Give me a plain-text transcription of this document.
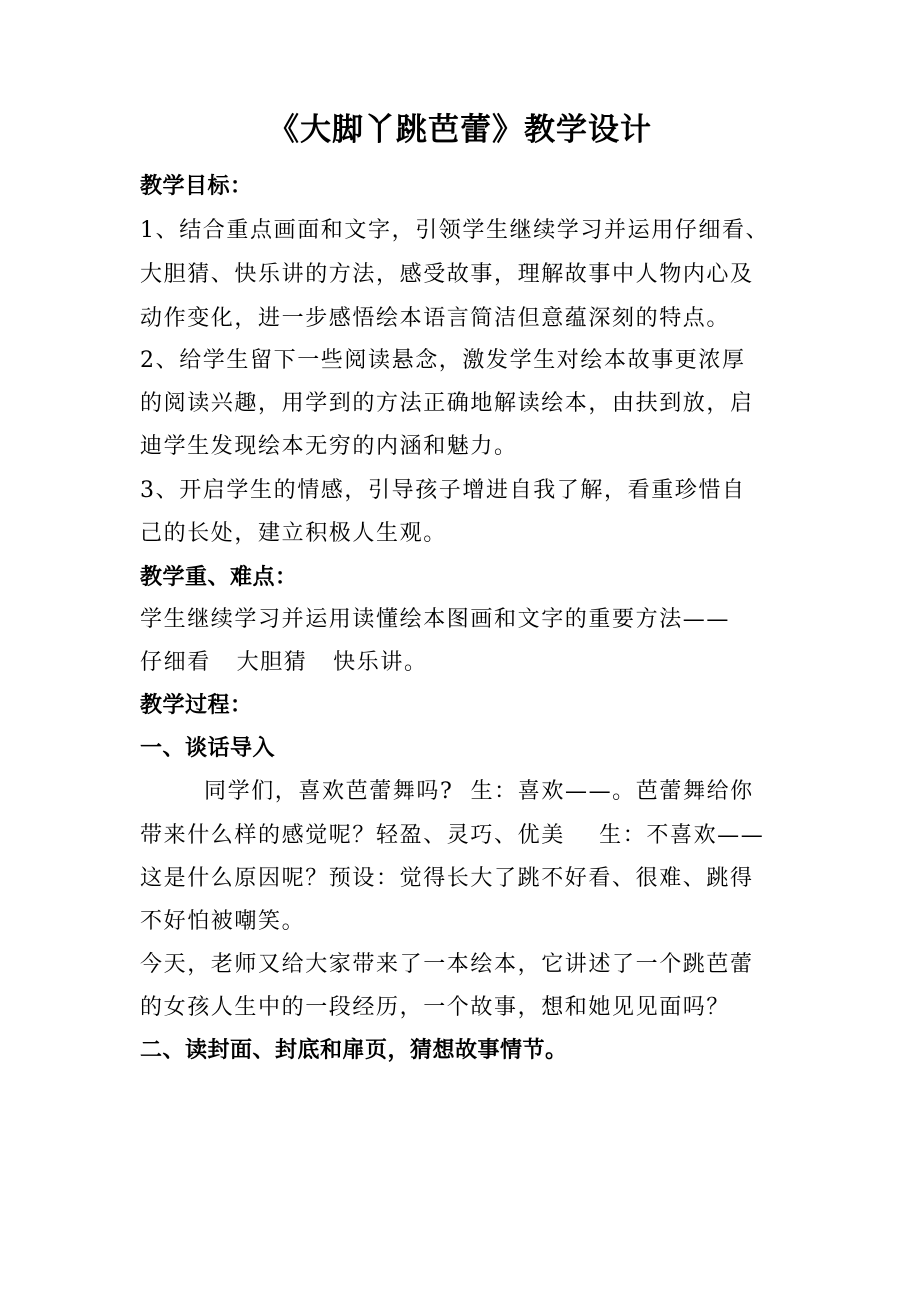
《大脚丫跳芭蕾》教学设计
教学目标：
1、结合重点画面和文字，引领学生继续学习并运用仔细看、
大胆猜、快乐讲的方法，感受故事，理解故事中人物内心及
动作变化，进一步感悟绘本语言简洁但意蕴深刻的特点。
2、给学生留下一些阅读悬念，激发学生对绘本故事更浓厚
的阅读兴趣，用学到的方法正确地解读绘本，由扶到放，启
迪学生发现绘本无穷的内涵和魅力。
3、开启学生的情感，引导孩子增进自我了解，看重珍惜自
己的长处，建立积极人生观。
教学重、难点：
学生继续学习并运用读懂绘本图画和文字的重要方法——
仔细看   大胆猜   快乐讲。
教学过程：
一、谈话导入
同学们，喜欢芭蕾舞吗?  生：喜欢——。芭蕾舞给你
带来什么样的感觉呢？轻盈、灵巧、优美    生：不喜欢——
这是什么原因呢？预设：觉得长大了跳不好看、很难、跳得
不好怕被嘲笑。
今天，老师又给大家带来了一本绘本，它讲述了一个跳芭蕾
的女孩人生中的一段经历，一个故事，想和她见见面吗？
二、读封面、封底和扉页，猜想故事情节。
